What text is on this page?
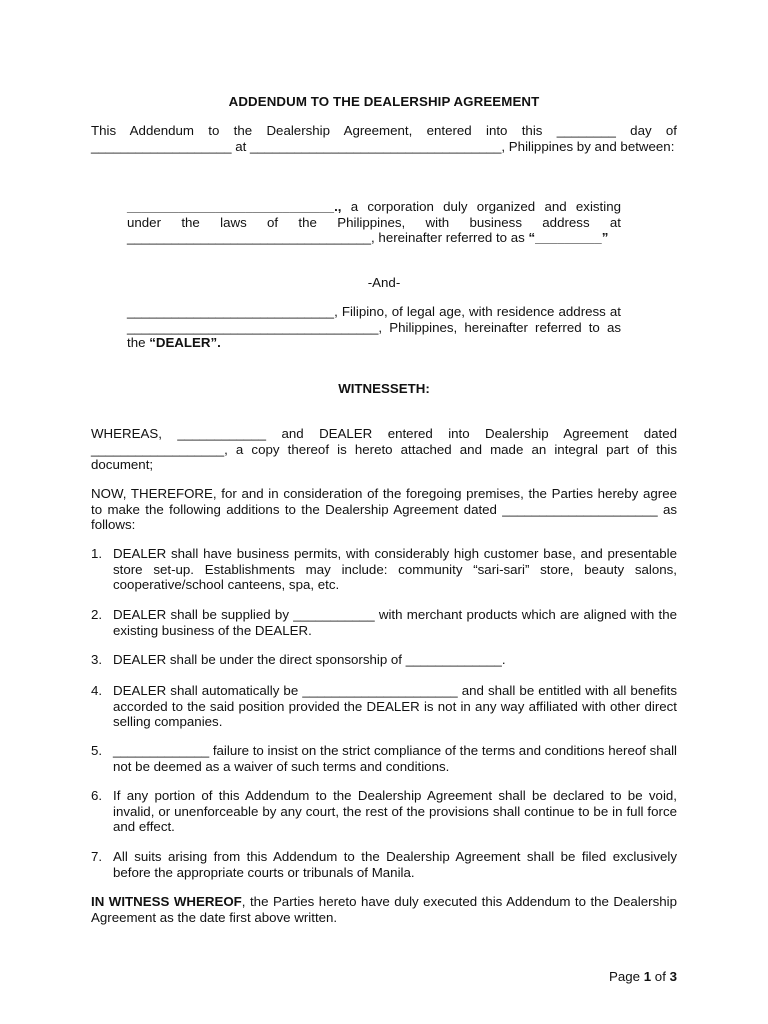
ADDENDUM TO THE DEALERSHIP AGREEMENT
This Addendum to the Dealership Agreement, entered into this ________ day of ___________________ at __________________________________, Philippines by and between:
____________________________., a corporation duly organized and existing under the laws of the Philippines, with business address at _________________________________, hereinafter referred to as “_________”
-And-
____________________________, Filipino, of legal age, with residence address at __________________________________, Philippines, hereinafter referred to as the “DEALER”.
WITNESSETH:
WHEREAS, ____________ and DEALER entered into Dealership Agreement dated __________________, a copy thereof is hereto attached and made an integral part of this document;
NOW, THEREFORE, for and in consideration of the foregoing premises, the Parties hereby agree to make the following additions to the Dealership Agreement dated _____________________ as follows:
1. DEALER shall have business permits, with considerably high customer base, and presentable store set-up. Establishments may include: community “sari-sari” store, beauty salons, cooperative/school canteens, spa, etc.
2. DEALER shall be supplied by ___________ with merchant products which are aligned with the existing business of the DEALER.
3. DEALER shall be under the direct sponsorship of _____________.
4. DEALER shall automatically be _____________________ and shall be entitled with all benefits accorded to the said position provided the DEALER is not in any way affiliated with other direct selling companies.
5. _____________ failure to insist on the strict compliance of the terms and conditions hereof shall not be deemed as a waiver of such terms and conditions.
6. If any portion of this Addendum to the Dealership Agreement shall be declared to be void, invalid, or unenforceable by any court, the rest of the provisions shall continue to be in full force and effect.
7. All suits arising from this Addendum to the Dealership Agreement shall be filed exclusively before the appropriate courts or tribunals of Manila.
IN WITNESS WHEREOF, the Parties hereto have duly executed this Addendum to the Dealership Agreement as the date first above written.
Page 1 of 3
